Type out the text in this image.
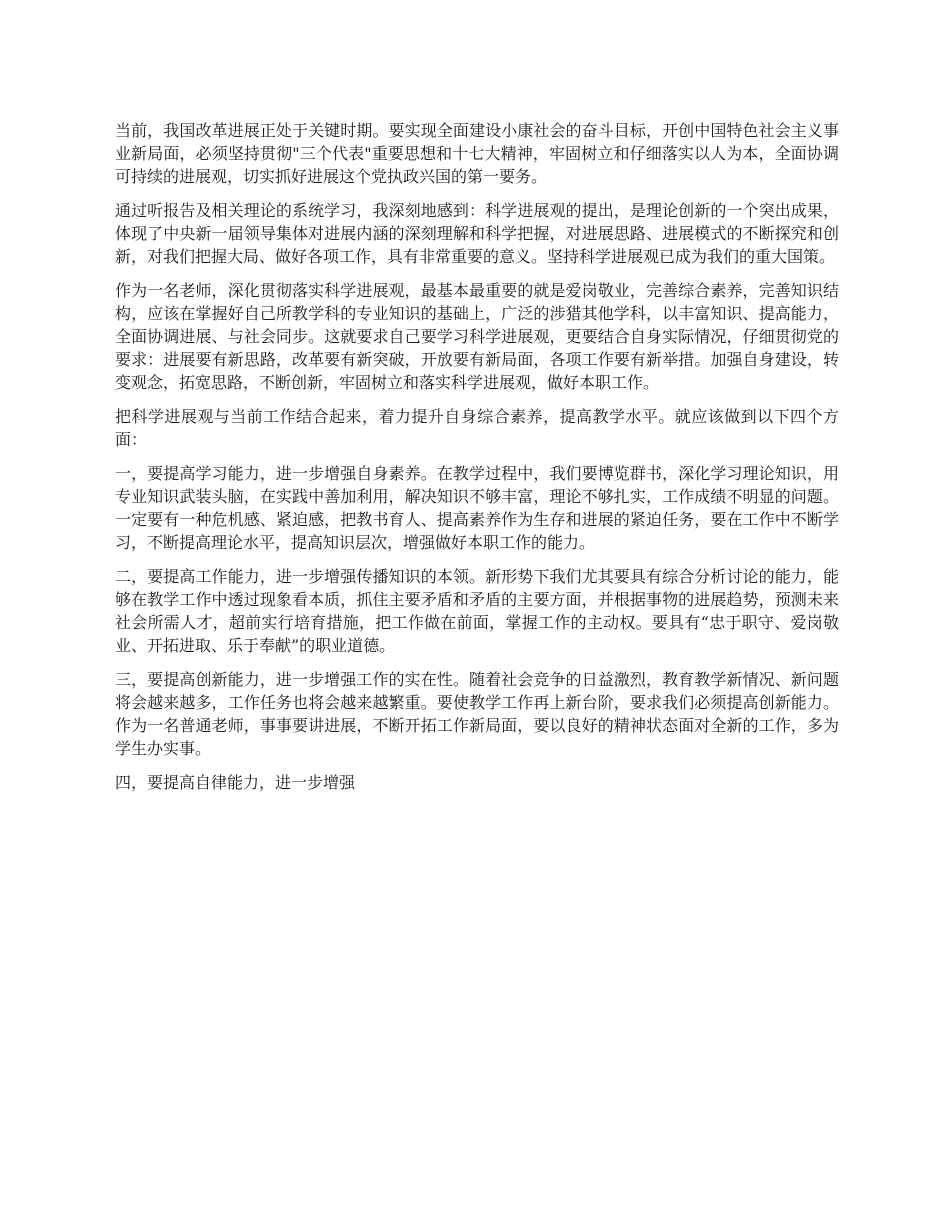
当前，我国改革进展正处于关键时期。要实现全面建设小康社会的奋斗目标，开创中国特色社会主义事业新局面，必须坚持贯彻"三个代表"重要思想和十七大精神，牢固树立和仔细落实以人为本，全面协调可持续的进展观，切实抓好进展这个党执政兴国的第一要务。

通过听报告及相关理论的系统学习，我深刻地感到：科学进展观的提出，是理论创新的一个突出成果，体现了中央新一届领导集体对进展内涵的深刻理解和科学把握，对进展思路、进展模式的不断探究和创新，对我们把握大局、做好各项工作，具有非常重要的意义。坚持科学进展观已成为我们的重大国策。

作为一名老师，深化贯彻落实科学进展观，最基本最重要的就是爱岗敬业，完善综合素养，完善知识结构，应该在掌握好自己所教学科的专业知识的基础上，广泛的涉猎其他学科，以丰富知识、提高能力，全面协调进展、与社会同步。这就要求自己要学习科学进展观，更要结合自身实际情况，仔细贯彻党的要求：进展要有新思路，改革要有新突破，开放要有新局面，各项工作要有新举措。加强自身建设，转变观念，拓宽思路，不断创新，牢固树立和落实科学进展观，做好本职工作。

把科学进展观与当前工作结合起来，着力提升自身综合素养，提高教学水平。就应该做到以下四个方面：

一，要提高学习能力，进一步增强自身素养。在教学过程中，我们要博览群书，深化学习理论知识，用专业知识武装头脑，在实践中善加利用，解决知识不够丰富，理论不够扎实，工作成绩不明显的问题。一定要有一种危机感、紧迫感，把教书育人、提高素养作为生存和进展的紧迫任务，要在工作中不断学习，不断提高理论水平，提高知识层次，增强做好本职工作的能力。

二，要提高工作能力，进一步增强传播知识的本领。新形势下我们尤其要具有综合分析讨论的能力，能够在教学工作中透过现象看本质，抓住主要矛盾和矛盾的主要方面，并根据事物的进展趋势，预测未来社会所需人才，超前实行培育措施，把工作做在前面，掌握工作的主动权。要具有“忠于职守、爱岗敬业、开拓进取、乐于奉献”的职业道德。

三，要提高创新能力，进一步增强工作的实在性。随着社会竞争的日益激烈，教育教学新情况、新问题将会越来越多，工作任务也将会越来越繁重。要使教学工作再上新台阶，要求我们必须提高创新能力。作为一名普通老师，事事要讲进展，不断开拓工作新局面，要以良好的精神状态面对全新的工作，多为学生办实事。

四，要提高自律能力，进一步增强
